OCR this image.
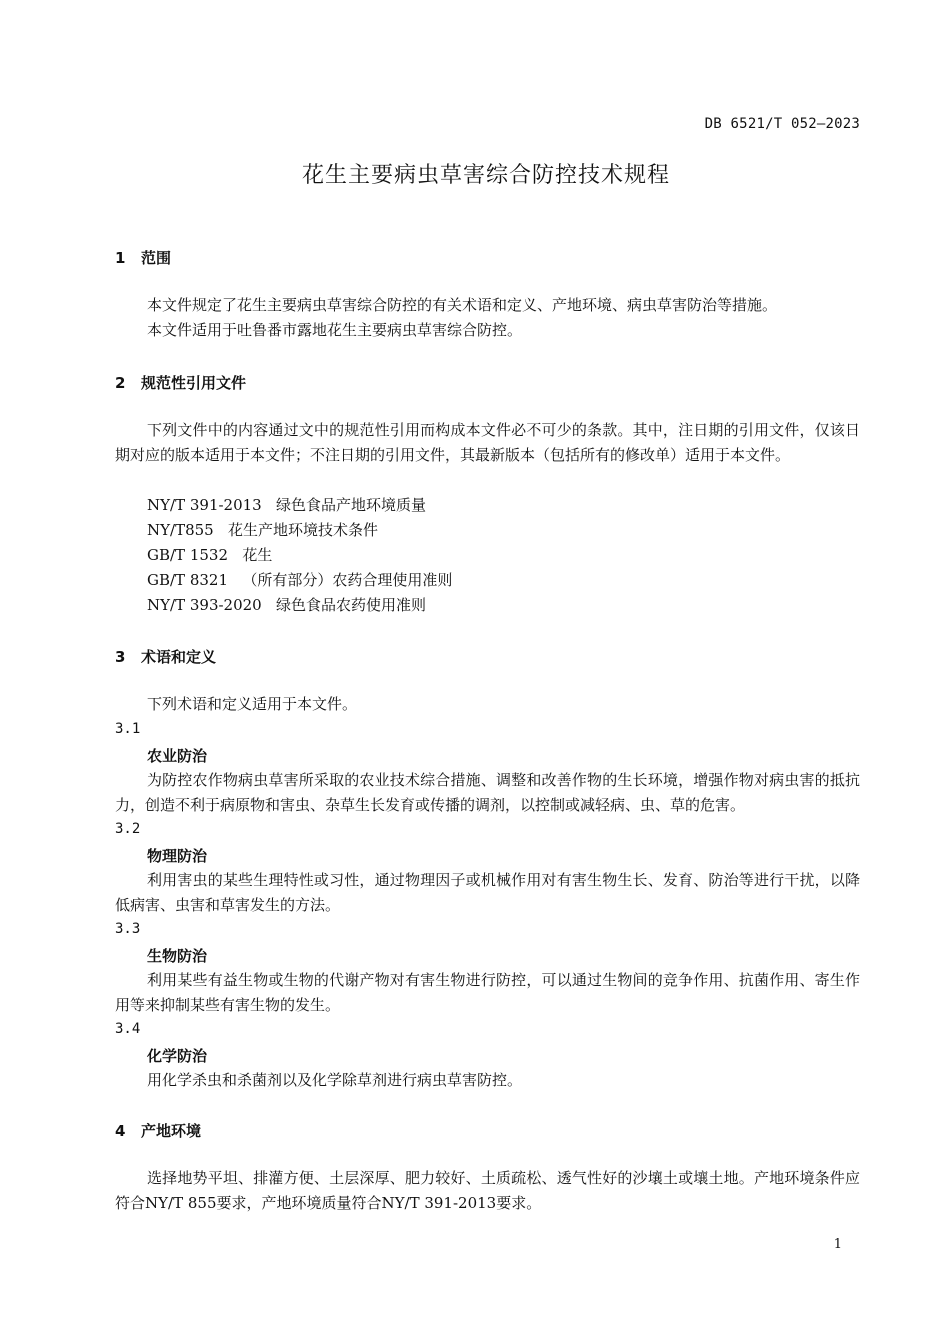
DB 6521/T 052—2023
花生主要病虫草害综合防控技术规程
1 范围
本文件规定了花生主要病虫草害综合防控的有关术语和定义、产地环境、病虫草害防治等措施。
本文件适用于吐鲁番市露地花生主要病虫草害综合防控。
2 规范性引用文件
下列文件中的内容通过文中的规范性引用而构成本文件必不可少的条款。其中，注日期的引用文件，仅该日期对应的版本适用于本文件；不注日期的引用文件，其最新版本（包括所有的修改单）适用于本文件。
NY/T 391-2013 绿色食品产地环境质量
NY/T855 花生产地环境技术条件
GB/T 1532 花生
GB/T 8321 （所有部分）农药合理使用准则
NY/T 393-2020 绿色食品农药使用准则
3 术语和定义
下列术语和定义适用于本文件。
3.1
农业防治
为防控农作物病虫草害所采取的农业技术综合措施、调整和改善作物的生长环境，增强作物对病虫害的抵抗力，创造不利于病原物和害虫、杂草生长发育或传播的调剂，以控制或减轻病、虫、草的危害。
3.2
物理防治
利用害虫的某些生理特性或习性，通过物理因子或机械作用对有害生物生长、发育、防治等进行干扰，以降低病害、虫害和草害发生的方法。
3.3
生物防治
利用某些有益生物或生物的代谢产物对有害生物进行防控，可以通过生物间的竞争作用、抗菌作用、寄生作用等来抑制某些有害生物的发生。
3.4
化学防治
用化学杀虫和杀菌剂以及化学除草剂进行病虫草害防控。
4 产地环境
选择地势平坦、排灌方便、土层深厚、肥力较好、土质疏松、透气性好的沙壤土或壤土地。产地环境条件应符合NY/T 855要求，产地环境质量符合NY/T 391-2013要求。
1
